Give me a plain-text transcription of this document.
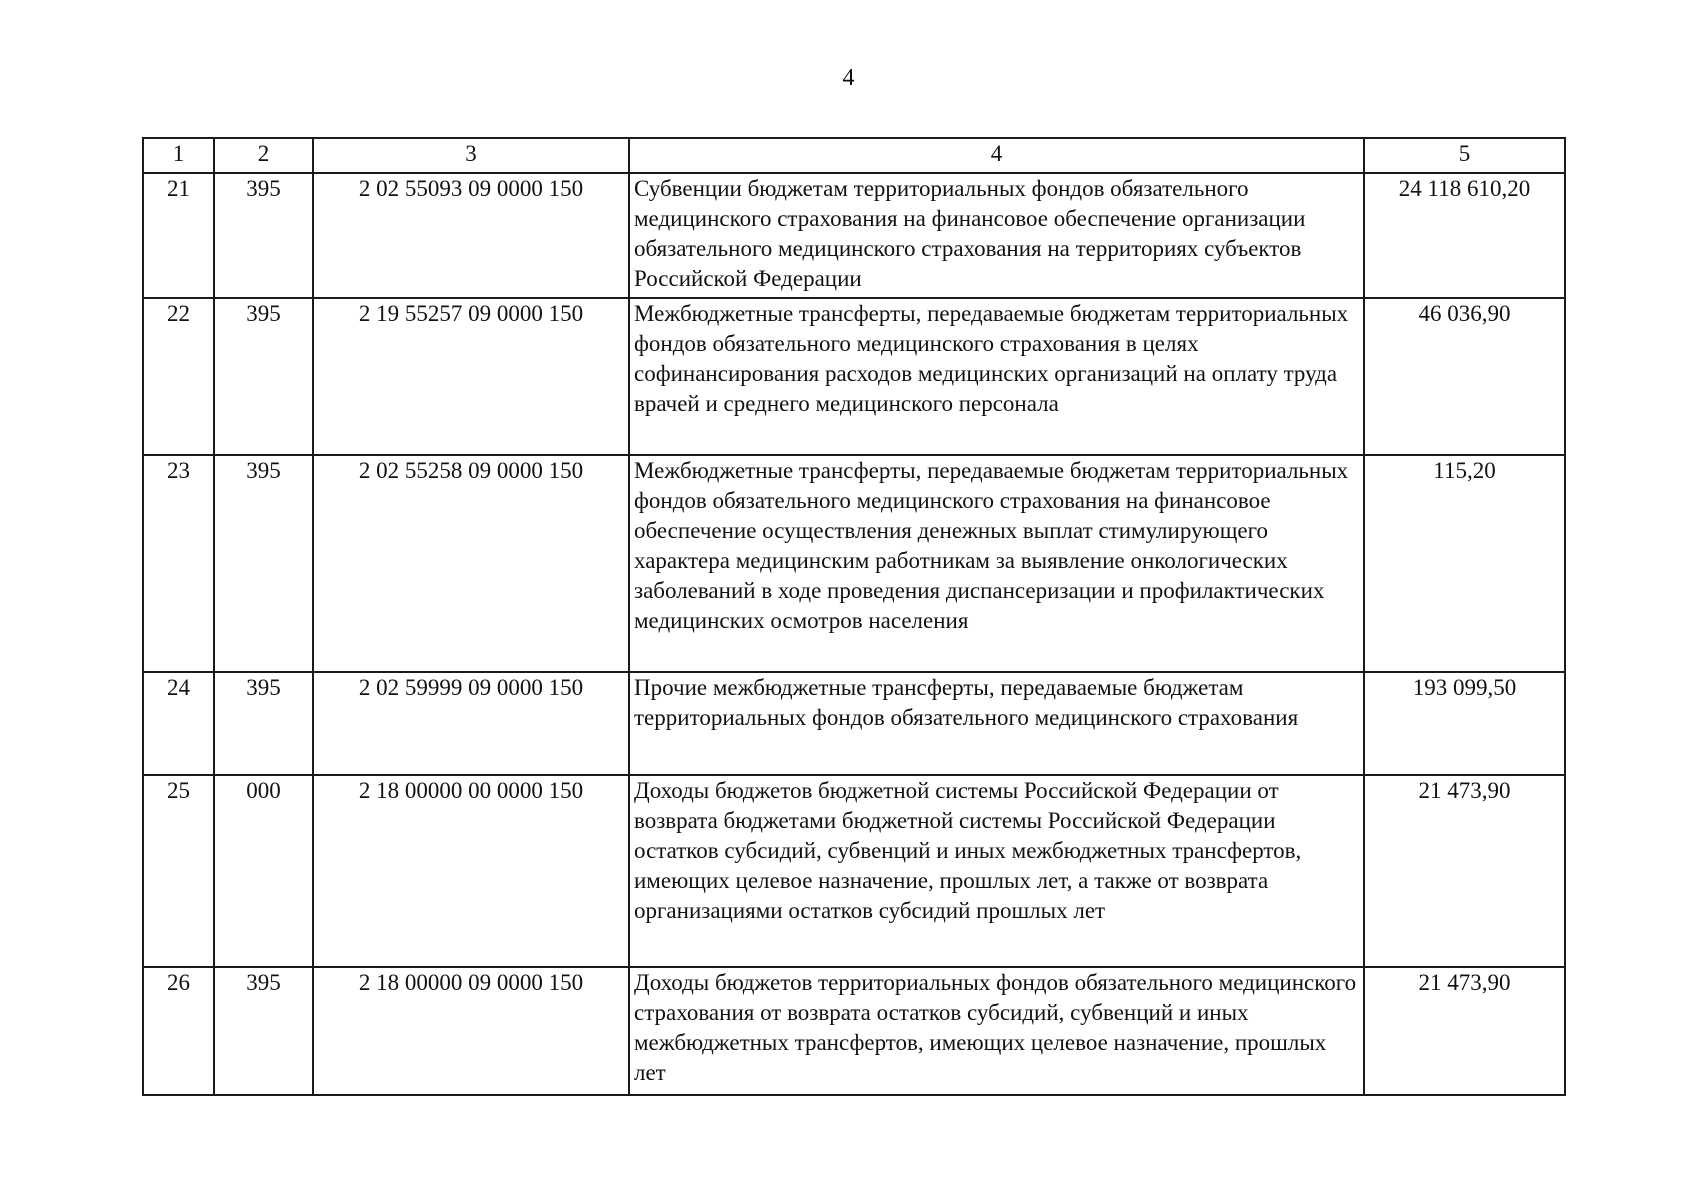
4
1	2	3	4	5
21	395	2 02 55093 09 0000 150	Субвенции бюджетам территориальных фондов обязательного медицинского страхования на финансовое обеспечение организации обязательного медицинского страхования на территориях субъектов Российской Федерации	24 118 610,20
22	395	2 19 55257 09 0000 150	Межбюджетные трансферты, передаваемые бюджетам территориальных фондов обязательного медицинского страхования в целях софинансирования расходов медицинских организаций на оплату труда врачей и среднего медицинского персонала	46 036,90
23	395	2 02 55258 09 0000 150	Межбюджетные трансферты, передаваемые бюджетам территориальных фондов обязательного медицинского страхования на финансовое обеспечение осуществления денежных выплат стимулирующего характера медицинским работникам за выявление онкологических заболеваний в ходе проведения диспансеризации и профилактических медицинских осмотров населения	115,20
24	395	2 02 59999 09 0000 150	Прочие межбюджетные трансферты, передаваемые бюджетам территориальных фондов обязательного медицинского страхования	193 099,50
25	000	2 18 00000 00 0000 150	Доходы бюджетов бюджетной системы Российской Федерации от возврата бюджетами бюджетной системы Российской Федерации остатков субсидий, субвенций и иных межбюджетных трансфертов, имеющих целевое назначение, прошлых лет, а также от возврата организациями остатков субсидий прошлых лет	21 473,90
26	395	2 18 00000 09 0000 150	Доходы бюджетов территориальных фондов обязательного медицинского страхования от возврата остатков субсидий, субвенций и иных межбюджетных трансфертов, имеющих целевое назначение, прошлых лет	21 473,90
